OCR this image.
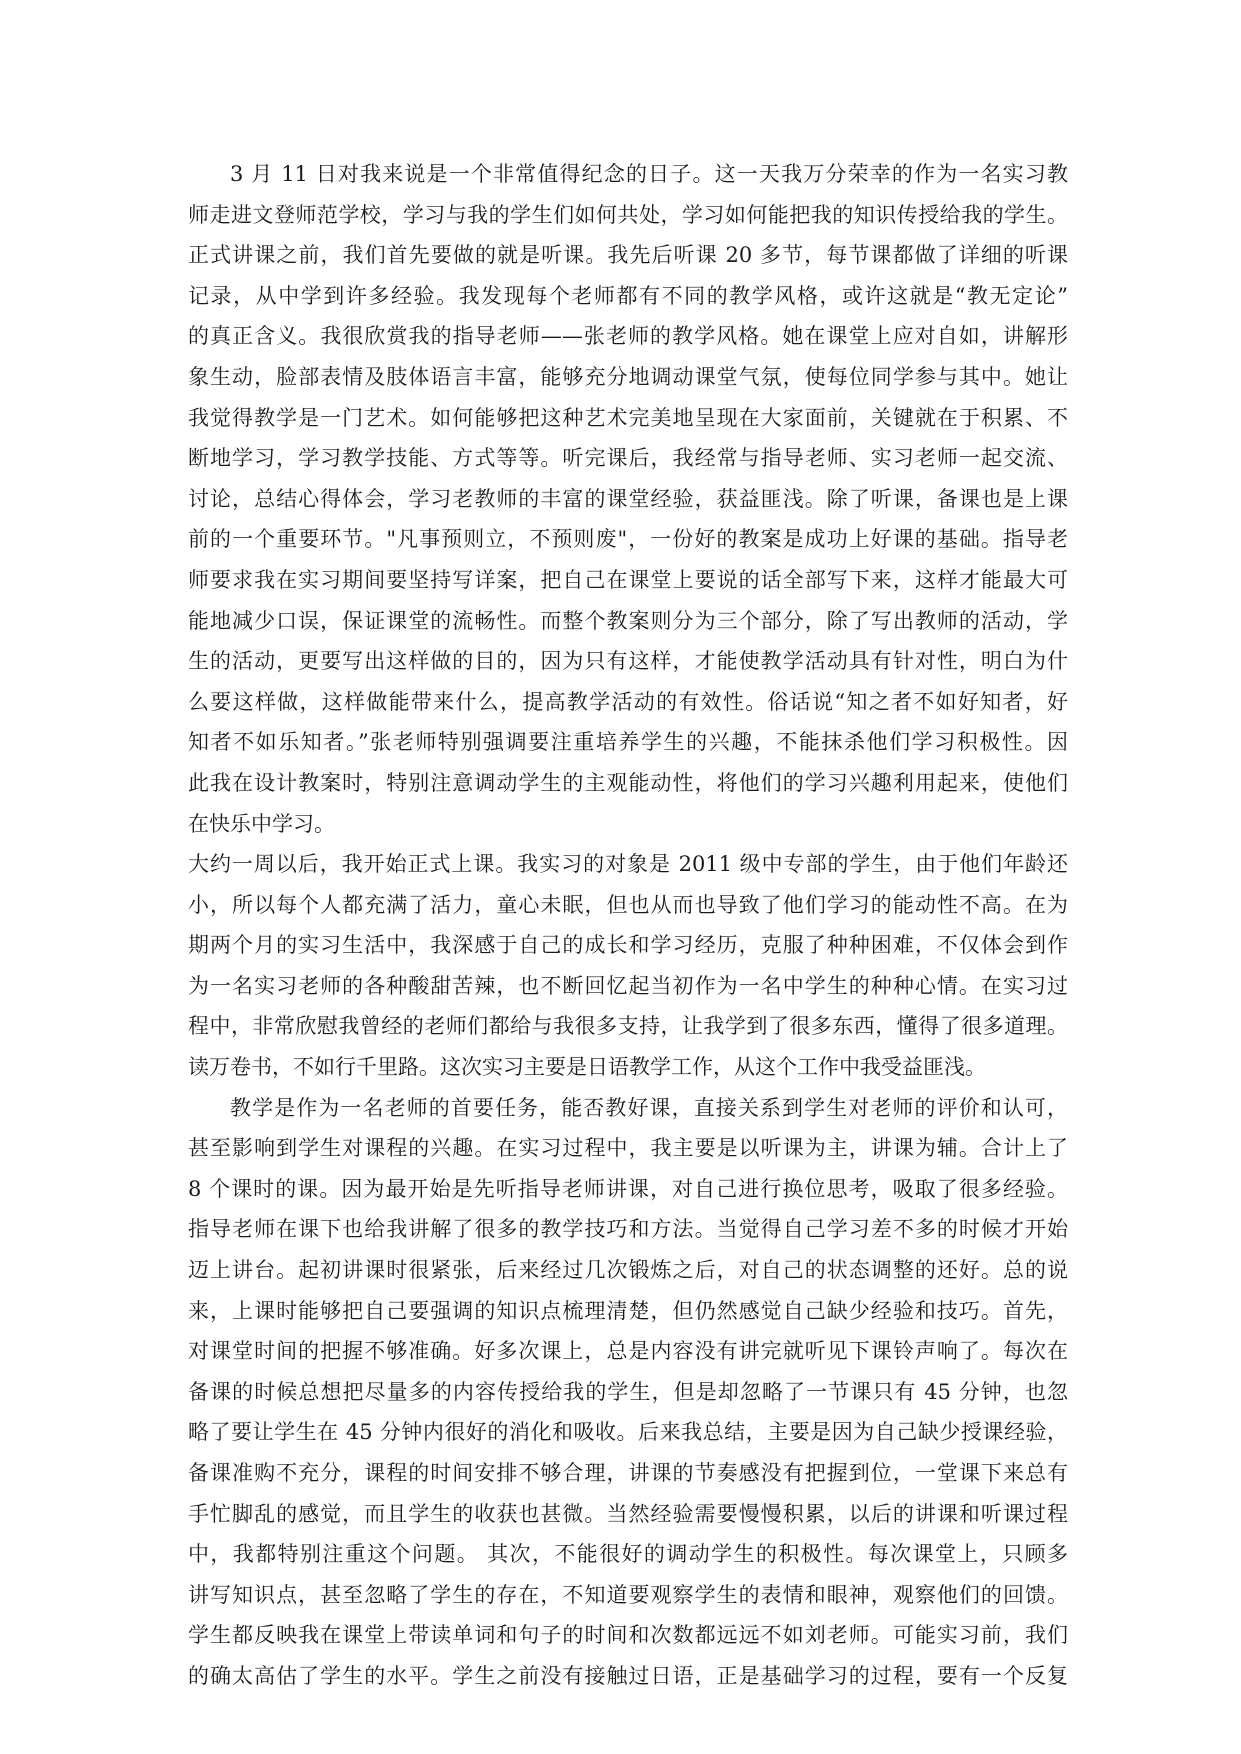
3 月 11 日对我来说是一个非常值得纪念的日子。这一天我万分荣幸的作为一名实习教
师走进文登师范学校，学习与我的学生们如何共处，学习如何能把我的知识传授给我的学生。
正式讲课之前，我们首先要做的就是听课。我先后听课 20 多节，每节课都做了详细的听课
记录，从中学到许多经验。我发现每个老师都有不同的教学风格，或许这就是“教无定论”
的真正含义。我很欣赏我的指导老师——张老师的教学风格。她在课堂上应对自如，讲解形
象生动，脸部表情及肢体语言丰富，能够充分地调动课堂气氛，使每位同学参与其中。她让
我觉得教学是一门艺术。如何能够把这种艺术完美地呈现在大家面前，关键就在于积累、不
断地学习，学习教学技能、方式等等。听完课后，我经常与指导老师、实习老师一起交流、
讨论，总结心得体会，学习老教师的丰富的课堂经验，获益匪浅。除了听课，备课也是上课
前的一个重要环节。"凡事预则立，不预则废"，一份好的教案是成功上好课的基础。指导老
师要求我在实习期间要坚持写详案，把自己在课堂上要说的话全部写下来，这样才能最大可
能地减少口误，保证课堂的流畅性。而整个教案则分为三个部分，除了写出教师的活动，学
生的活动，更要写出这样做的目的，因为只有这样，才能使教学活动具有针对性，明白为什
么要这样做，这样做能带来什么，提高教学活动的有效性。俗话说“知之者不如好知者，好
知者不如乐知者。”张老师特别强调要注重培养学生的兴趣，不能抹杀他们学习积极性。因
此我在设计教案时，特别注意调动学生的主观能动性，将他们的学习兴趣利用起来，使他们
在快乐中学习。
大约一周以后，我开始正式上课。我实习的对象是 2011 级中专部的学生，由于他们年龄还
小，所以每个人都充满了活力，童心未眠，但也从而也导致了他们学习的能动性不高。在为
期两个月的实习生活中，我深感于自己的成长和学习经历，克服了种种困难，不仅体会到作
为一名实习老师的各种酸甜苦辣，也不断回忆起当初作为一名中学生的种种心情。在实习过
程中，非常欣慰我曾经的老师们都给与我很多支持，让我学到了很多东西，懂得了很多道理。
读万卷书，不如行千里路。这次实习主要是日语教学工作，从这个工作中我受益匪浅。
教学是作为一名老师的首要任务，能否教好课，直接关系到学生对老师的评价和认可，
甚至影响到学生对课程的兴趣。在实习过程中，我主要是以听课为主，讲课为辅。合计上了
8 个课时的课。因为最开始是先听指导老师讲课，对自己进行换位思考，吸取了很多经验。
指导老师在课下也给我讲解了很多的教学技巧和方法。当觉得自己学习差不多的时候才开始
迈上讲台。起初讲课时很紧张，后来经过几次锻炼之后，对自己的状态调整的还好。总的说
来，上课时能够把自己要强调的知识点梳理清楚，但仍然感觉自己缺少经验和技巧。首先，
对课堂时间的把握不够准确。好多次课上，总是内容没有讲完就听见下课铃声响了。每次在
备课的时候总想把尽量多的内容传授给我的学生，但是却忽略了一节课只有 45 分钟，也忽
略了要让学生在 45 分钟内很好的消化和吸收。后来我总结，主要是因为自己缺少授课经验，
备课准购不充分，课程的时间安排不够合理，讲课的节奏感没有把握到位，一堂课下来总有
手忙脚乱的感觉，而且学生的收获也甚微。当然经验需要慢慢积累，以后的讲课和听课过程
中，我都特别注重这个问题。 其次，不能很好的调动学生的积极性。每次课堂上，只顾多
讲写知识点，甚至忽略了学生的存在，不知道要观察学生的表情和眼神，观察他们的回馈。
学生都反映我在课堂上带读单词和句子的时间和次数都远远不如刘老师。可能实习前，我们
的确太高估了学生的水平。学生之前没有接触过日语，正是基础学习的过程，要有一个反复
